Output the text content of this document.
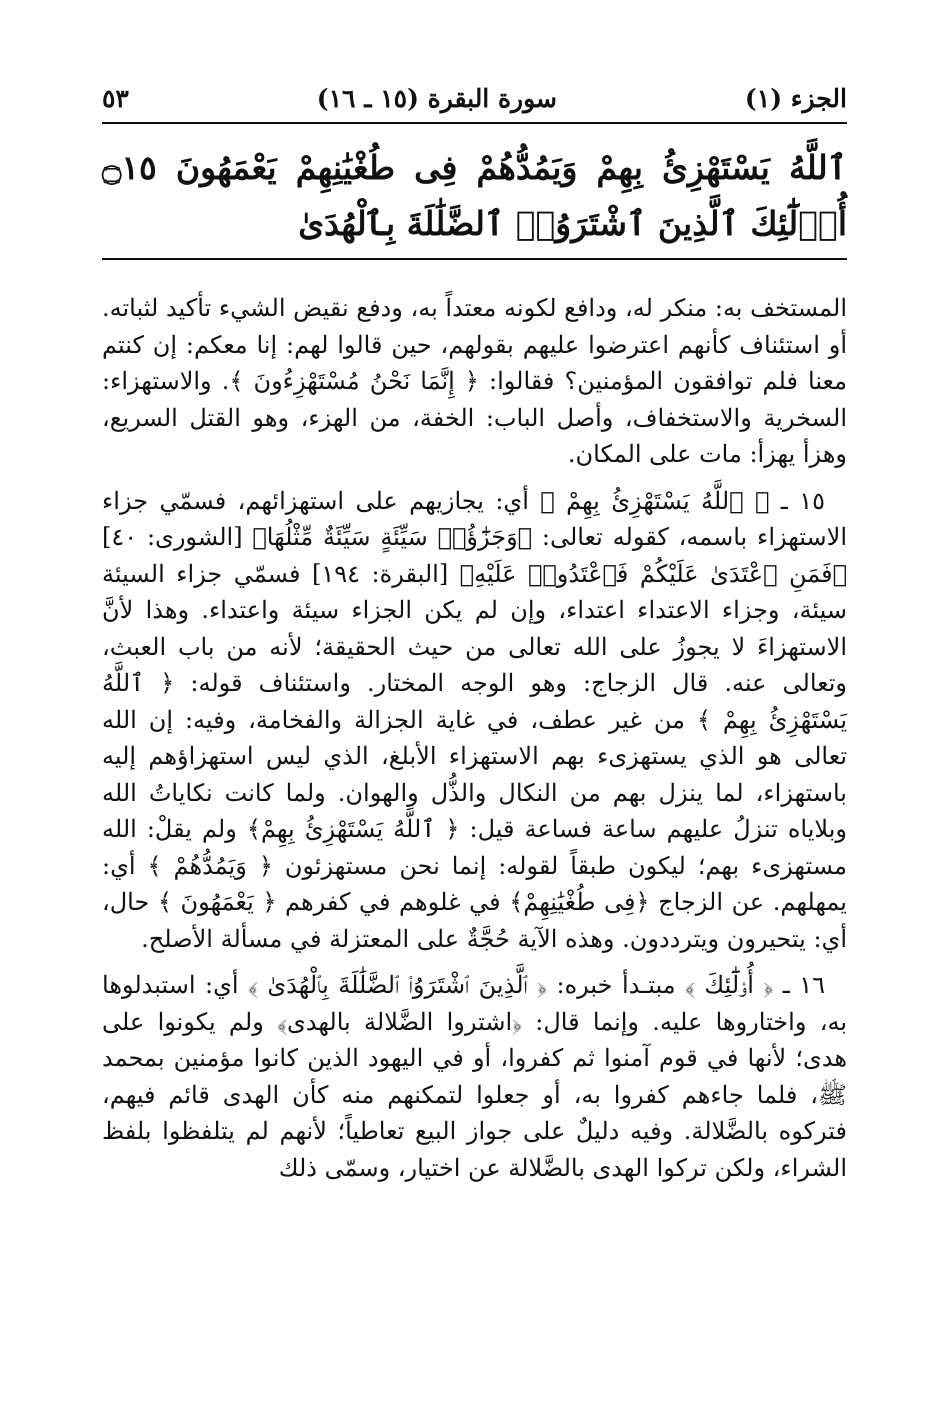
الجزء (١)
سورة البقرة (١٥ ـ ١٦)
٥٣
ٱللَّهُ يَسْتَهْزِئُ بِهِمْ وَيَمُدُّهُمْ فِى طُغْيَٰنِهِمْ يَعْمَهُونَ ۝١٥ أُو۟لَٰٓئِكَ ٱلَّذِينَ ٱشْتَرَوُا۟ ٱلضَّلَٰلَةَ بِٱلْهُدَىٰ

المستخف به: منكر له، ودافع لكونه معتداً به، ودفع نقيض الشيء تأكيد لثباته. أو استئناف كأنهم اعترضوا عليهم بقولهم، حين قالوا لهم: إنا معكم: إن كنتم معنا فلم توافقون المؤمنين؟ فقالوا: ﴿ إِنَّمَا نَحْنُ مُسْتَهْزِءُونَ ﴾. والاستهزاء: السخرية والاستخفاف، وأصل الباب: الخفة، من الهزء، وهو القتل السريع، وهزأ يهزأ: مات على المكان.

١٥ ـ ﴿ ٱللَّهُ يَسْتَهْزِئُ بِهِمْ ﴾ أي: يجازيهم على استهزائهم، فسمّي جزاء الاستهزاء باسمه، كقوله تعالى: ﴿وَجَزَٰٓؤُا۟ سَيِّئَةٍ سَيِّئَةٌ مِّثْلُهَا﴾ [الشورى: ٤٠] ﴿فَمَنِ ٱعْتَدَىٰ عَلَيْكُمْ فَٱعْتَدُوا۟ عَلَيْهِ﴾ [البقرة: ١٩٤] فسمّي جزاء السيئة سيئة، وجزاء الاعتداء اعتداء، وإن لم يكن الجزاء سيئة واعتداء. وهذا لأنَّ الاستهزاءَ لا يجوزُ على الله تعالى من حيث الحقيقة؛ لأنه من باب العبث، وتعالى عنه. قال الزجاج: وهو الوجه المختار. واستئناف قوله: ﴿ ٱللَّهُ يَسْتَهْزِئُ بِهِمْ ﴾ من غير عطف، في غاية الجزالة والفخامة، وفيه: إن الله تعالى هو الذي يستهزىء بهم الاستهزاء الأبلغ، الذي ليس استهزاؤهم إليه باستهزاء، لما ينزل بهم من النكال والذُّل والهوان. ولما كانت نكاياتُ الله وبلاياه تنزلُ عليهم ساعة فساعة قيل: ﴿ ٱللَّهُ يَسْتَهْزِئُ بِهِمْ﴾ ولم يقلْ: الله مستهزىء بهم؛ ليكون طبقاً لقوله: إنما نحن مستهزئون ﴿ وَيَمُدُّهُمْ ﴾ أي: يمهلهم. عن الزجاج ﴿فِى طُغْيَٰنِهِمْ﴾ في غلوهم في كفرهم ﴿ يَعْمَهُونَ ﴾ حال، أي: يتحيرون ويترددون. وهذه الآية حُجَّةٌ على المعتزلة في مسألة الأصلح.

١٦ ـ ﴿ أُو۟لَٰٓئِكَ ﴾ مبتـدأ خبره: ﴿ ٱلَّذِينَ ٱشْتَرَوُا۟ ٱلضَّلَٰلَةَ بِٱلْهُدَىٰ ﴾ أي: استبدلوها به، واختاروها عليه. وإنما قال: ﴿اشتروا الضَّلالة بالهدى﴾ ولم يكونوا على هدى؛ لأنها في قوم آمنوا ثم كفروا، أو في اليهود الذين كانوا مؤمنين بمحمد ﷺ، فلما جاءهم كفروا به، أو جعلوا لتمكنهم منه كأن الهدى قائم فيهم، فتركوه بالضَّلالة. وفيه دليلٌ على جواز البيع تعاطياً؛ لأنهم لم يتلفظوا بلفظ الشراء، ولكن تركوا الهدى بالضَّلالة عن اختيار، وسمّى ذلك
